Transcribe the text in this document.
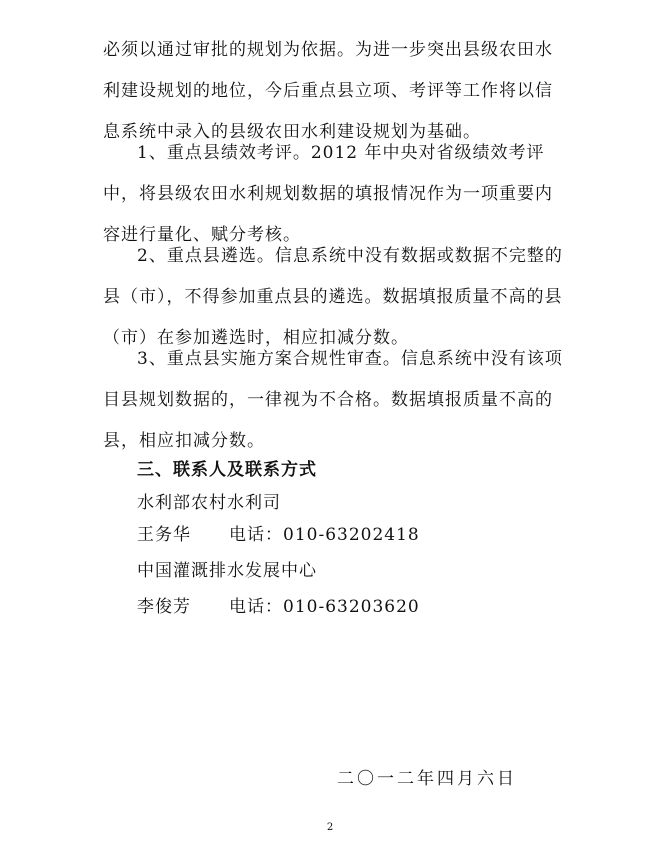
必须以通过审批的规划为依据。为进一步突出县级农田水利建设规划的地位，今后重点县立项、考评等工作将以信息系统中录入的县级农田水利建设规划为基础。

1、重点县绩效考评。2012 年中央对省级绩效考评中，将县级农田水利规划数据的填报情况作为一项重要内容进行量化、赋分考核。

2、重点县遴选。信息系统中没有数据或数据不完整的县（市），不得参加重点县的遴选。数据填报质量不高的县（市）在参加遴选时，相应扣减分数。

3、重点县实施方案合规性审查。信息系统中没有该项目县规划数据的，一律视为不合格。数据填报质量不高的县，相应扣减分数。

三、联系人及联系方式
水利部农村水利司
王务华 电话：010-63202418
中国灌溉排水发展中心
李俊芳 电话：010-63203620
二〇一二年四月六日
2
